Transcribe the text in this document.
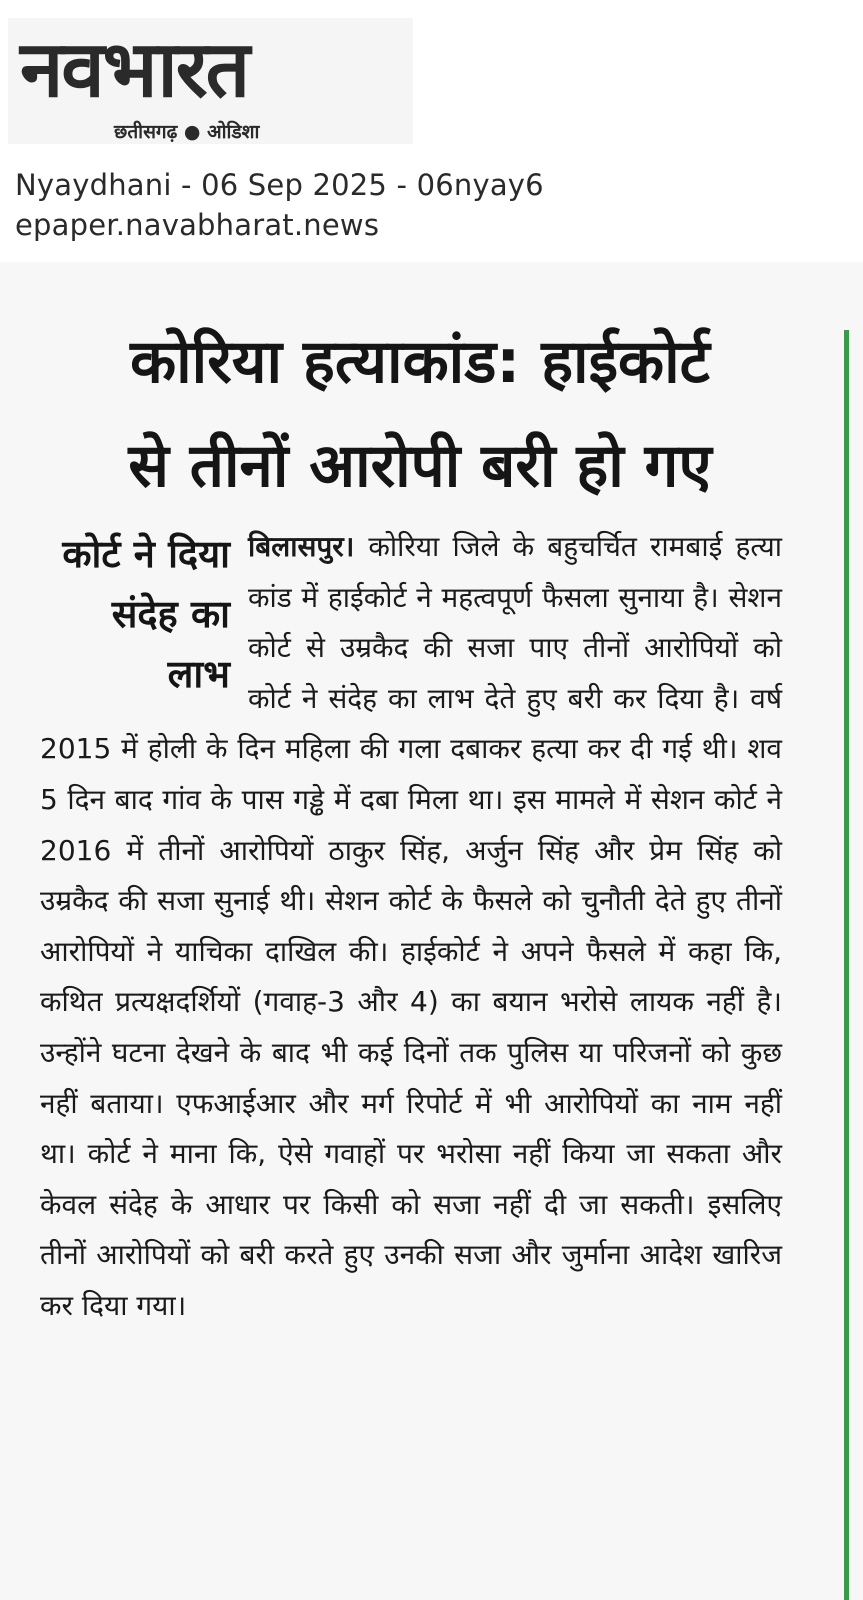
नवभारत
छतीसगढ़ ● ओडिशा
Nyaydhani - 06 Sep 2025 - 06nyay6
epaper.navabharat.news
कोरिया हत्याकांड: हाईकोर्ट
से तीनों आरोपी बरी हो गए
कोर्ट ने दिया संदेह का लाभ
बिलासपुर। कोरिया जिले के बहुचर्चित रामबाई हत्या कांड में हाईकोर्ट ने महत्वपूर्ण फैसला सुनाया है। सेशन कोर्ट से उम्रकैद की सजा पाए तीनों आरोपियों को कोर्ट ने संदेह का लाभ देते हुए बरी कर दिया है। वर्ष 2015 में होली के दिन महिला की गला दबाकर हत्या कर दी गई थी। शव 5 दिन बाद गांव के पास गड्ढे में दबा मिला था। इस मामले में सेशन कोर्ट ने 2016 में तीनों आरोपियों ठाकुर सिंह, अर्जुन सिंह और प्रेम सिंह को उम्रकैद की सजा सुनाई थी। सेशन कोर्ट के फैसले को चुनौती देते हुए तीनों आरोपियों ने याचिका दाखिल की। हाईकोर्ट ने अपने फैसले में कहा कि, कथित प्रत्यक्षदर्शियों (गवाह-3 और 4) का बयान भरोसे लायक नहीं है। उन्होंने घटना देखने के बाद भी कई दिनों तक पुलिस या परिजनों को कुछ नहीं बताया। एफआईआर और मर्ग रिपोर्ट में भी आरोपियों का नाम नहीं था। कोर्ट ने माना कि, ऐसे गवाहों पर भरोसा नहीं किया जा सकता और केवल संदेह के आधार पर किसी को सजा नहीं दी जा सकती। इसलिए तीनों आरोपियों को बरी करते हुए उनकी सजा और जुर्माना आदेश खारिज कर दिया गया।
